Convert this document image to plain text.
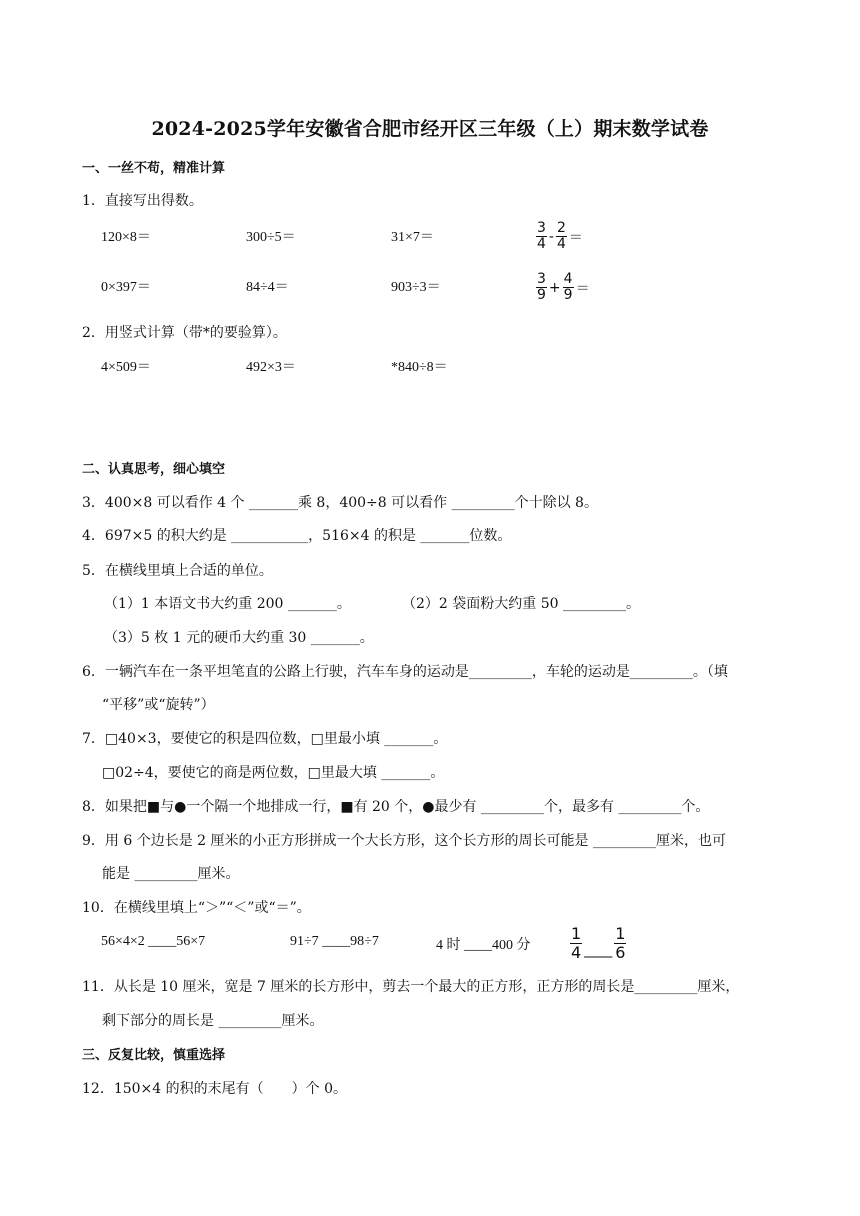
2024-2025学年安徽省合肥市经开区三年级（上）期末数学试卷
一、一丝不苟，精准计算
1．直接写出得数。
120×8＝	300÷5＝	31×7＝	$\frac{3}{4} - \frac{2}{4}$ ＝
0×397＝	84÷4＝	903÷3＝	$\frac{3}{9} + \frac{4}{9}$ ＝
2．用竖式计算（带*的要验算）。
4×509＝	492×3＝	*840÷8＝
二、认真思考，细心填空
3．400×8 可以看作 4 个 _______乘 8，400÷8 可以看作 _________个十除以 8。
4．697×5 的积大约是 ___________，516×4 的积是 _______位数。
5．在横线里填上合适的单位。
（1）1 本语文书大约重 200 _______。	（2）2 袋面粉大约重 50 _________。
（3）5 枚 1 元的硬币大约重 30 _______。
6．一辆汽车在一条平坦笔直的公路上行驶，汽车车身的运动是_________，车轮的运动是_________。（填
“平移”或“旋转”）
7．□40×3，要使它的积是四位数，□里最小填 _______。
□02÷4，要使它的商是两位数，□里最大填 _______。
8．如果把■与●一个隔一个地排成一行，■有 20 个，●最少有 _________个，最多有 _________个。
9．用 6 个边长是 2 厘米的小正方形拼成一个大长方形，这个长方形的周长可能是 _________厘米，也可
能是 _________厘米。
10．在横线里填上“＞”“＜”或“＝”。
56×4×2 ____56×7	91÷7 ____98÷7	4 时 ____400 分 $\frac{1}{4}$ ____ $\frac{1}{6}$
11．从长是 10 厘米，宽是 7 厘米的长方形中，剪去一个最大的正方形，正方形的周长是_________厘米，
剩下部分的周长是 _________厘米。
三、反复比较，慎重选择
12．150×4 的积的末尾有（　　）个 0。
